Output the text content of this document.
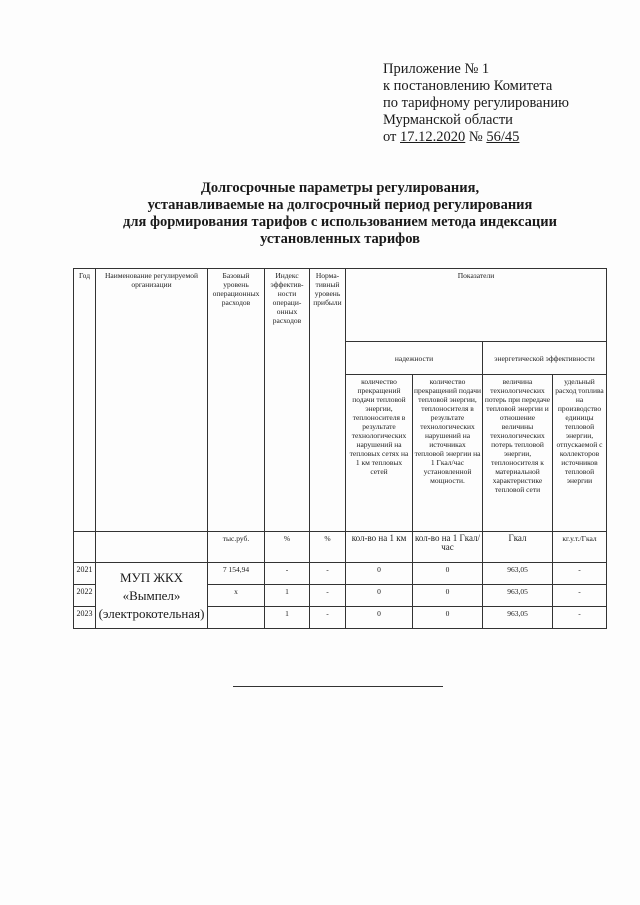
Приложение № 1
к постановлению Комитета
по тарифному регулированию
Мурманской области
от 17.12.2020 № 56/45
Долгосрочные параметры регулирования,
устанавливаемые на долгосрочный период регулирования
для формирования тарифов с использованием метода индексации
установленных тарифов
Год	Наименование регулируемой организации	Базовый уровень операционных расходов	Индекс эффектив-ности операци-онных расходов	Норма-тивный уровень прибыли	Показатели			
					надежности		энергетической эффективности	
					количество прекращений подачи тепловой энергии, теплоносителя в результате технологических нарушений на тепловых сетях на 1 км тепловых сетей	количество прекращений подачи тепловой энергии, теплоносителя в результате технологических нарушений на источниках тепловой энергии на 1 Гкал/час установленной мощности.	величина технологических потерь при передаче тепловой энергии и отношение величины технологических потерь тепловой энергии, теплоносителя к материальной характеристике тепловой сети	удельный расход топлива на производство единицы тепловой энергии, отпускаемой с коллекторов источников тепловой энергии
		тыс.руб.	%	%	кол-во на 1 км	кол-во на 1 Гкал/час	Гкал	кг.у.т./Гкал
2021	МУП ЖКХ «Вымпел» (электрокотельная)	7 154,94	-	-	0	0	963,05	-
2022		х	1	-	0	0	963,05	-
2023			1	-	0	0	963,05	-
